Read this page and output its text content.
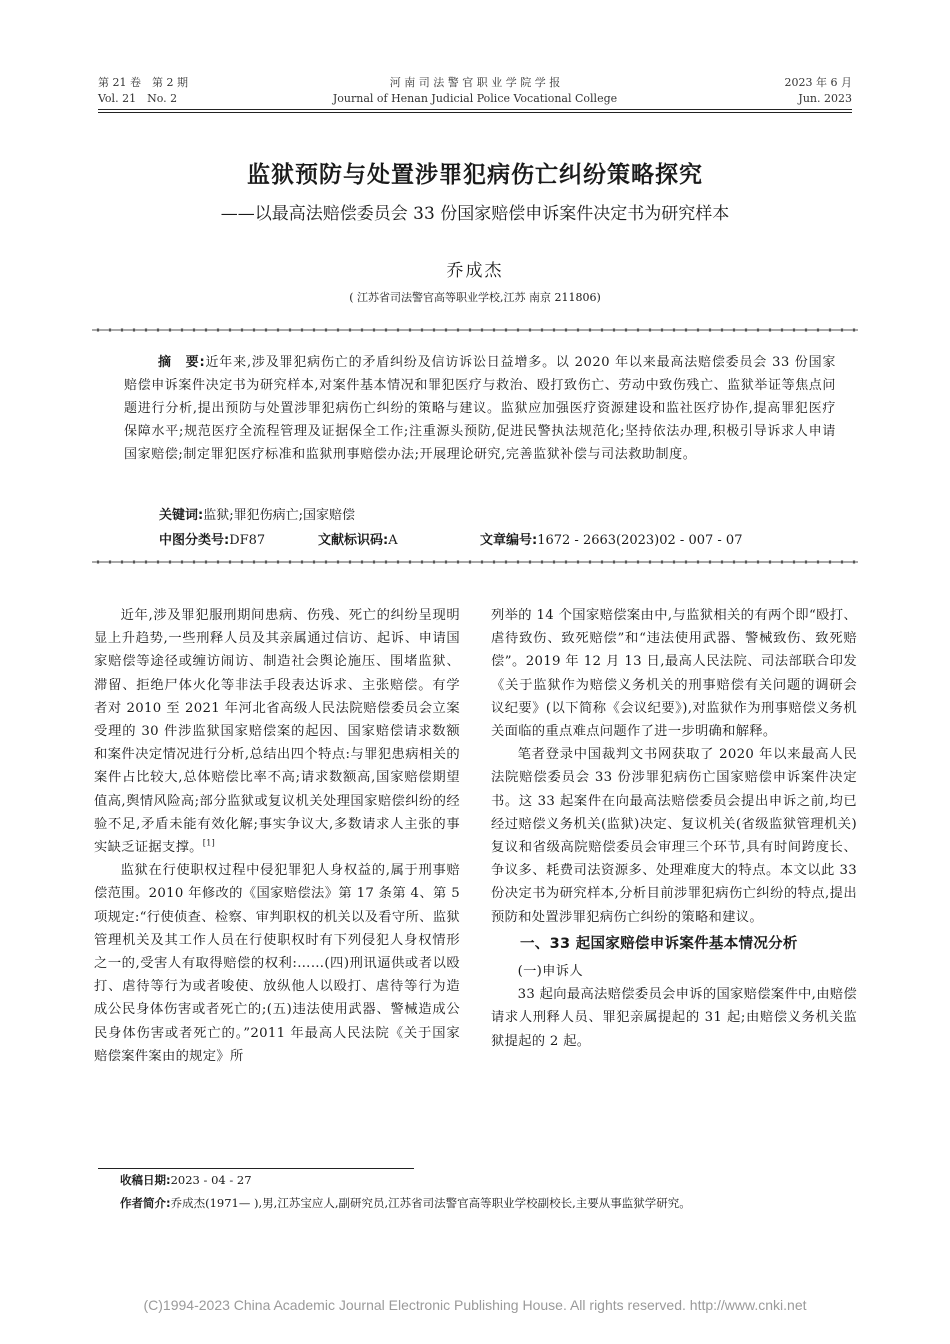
第 21 卷　第 2 期
Vol. 21　No. 2
河 南 司 法 警 官 职 业 学 院 学 报
Journal of Henan Judicial Police Vocational College
2023 年 6 月
Jun. 2023
监狱预防与处置涉罪犯病伤亡纠纷策略探究
——以最高法赔偿委员会 33 份国家赔偿申诉案件决定书为研究样本
乔成杰
( 江苏省司法警官高等职业学校,江苏 南京 211806)
摘　要:近年来,涉及罪犯病伤亡的矛盾纠纷及信访诉讼日益增多。以 2020 年以来最高法赔偿委员会 33 份国家赔偿申诉案件决定书为研究样本,对案件基本情况和罪犯医疗与救治、殴打致伤亡、劳动中致伤残亡、监狱举证等焦点问题进行分析,提出预防与处置涉罪犯病伤亡纠纷的策略与建议。监狱应加强医疗资源建设和监社医疗协作,提高罪犯医疗保障水平;规范医疗全流程管理及证据保全工作;注重源头预防,促进民警执法规范化;坚持依法办理,积极引导诉求人申请国家赔偿;制定罪犯医疗标准和监狱刑事赔偿办法;开展理论研究,完善监狱补偿与司法救助制度。
关键词:监狱;罪犯伤病亡;国家赔偿
中图分类号:DF87	文献标识码:A	文章编号:1672 - 2663(2023)02 - 007 - 07

近年,涉及罪犯服刑期间患病、伤残、死亡的纠纷呈现明显上升趋势,一些刑释人员及其亲属通过信访、起诉、申请国家赔偿等途径或缠访闹访、制造社会舆论施压、围堵监狱、滞留、拒绝尸体火化等非法手段表达诉求、主张赔偿。有学者对 2010 至 2021 年河北省高级人民法院赔偿委员会立案受理的 30 件涉监狱国家赔偿案的起因、国家赔偿请求数额和案件决定情况进行分析,总结出四个特点:与罪犯患病相关的案件占比较大,总体赔偿比率不高;请求数额高,国家赔偿期望值高,舆情风险高;部分监狱或复议机关处理国家赔偿纠纷的经验不足,矛盾未能有效化解;事实争议大,多数请求人主张的事实缺乏证据支撑。[1]

监狱在行使职权过程中侵犯罪犯人身权益的,属于刑事赔偿范围。2010 年修改的《国家赔偿法》第 17 条第 4、第 5 项规定:“行使侦查、检察、审判职权的机关以及看守所、监狱管理机关及其工作人员在行使职权时有下列侵犯人身权情形之一的,受害人有取得赔偿的权利:……(四)刑讯逼供或者以殴打、虐待等行为或者唆使、放纵他人以殴打、虐待等行为造成公民身体伤害或者死亡的;(五)违法使用武器、警械造成公民身体伤害或者死亡的。”2011 年最高人民法院《关于国家赔偿案件案由的规定》所

列举的 14 个国家赔偿案由中,与监狱相关的有两个即“殴打、虐待致伤、致死赔偿”和“违法使用武器、警械致伤、致死赔偿”。2019 年 12 月 13 日,最高人民法院、司法部联合印发《关于监狱作为赔偿义务机关的刑事赔偿有关问题的调研会议纪要》(以下简称《会议纪要》),对监狱作为刑事赔偿义务机关面临的重点难点问题作了进一步明确和解释。

笔者登录中国裁判文书网获取了 2020 年以来最高人民法院赔偿委员会 33 份涉罪犯病伤亡国家赔偿申诉案件决定书。这 33 起案件在向最高法赔偿委员会提出申诉之前,均已经过赔偿义务机关(监狱)决定、复议机关(省级监狱管理机关)复议和省级高院赔偿委员会审理三个环节,具有时间跨度长、争议多、耗费司法资源多、处理难度大的特点。本文以此 33 份决定书为研究样本,分析目前涉罪犯病伤亡纠纷的特点,提出预防和处置涉罪犯病伤亡纠纷的策略和建议。

一、33 起国家赔偿申诉案件基本情况分析

(一)申诉人

33 起向最高法赔偿委员会申诉的国家赔偿案件中,由赔偿请求人刑释人员、罪犯亲属提起的 31 起;由赔偿义务机关监狱提起的 2 起。

收稿日期:2023 - 04 - 27
作者简介:乔成杰(1971— ),男,江苏宝应人,副研究员,江苏省司法警官高等职业学校副校长,主要从事监狱学研究。
(C)1994-2023 China Academic Journal Electronic Publishing House. All rights reserved. http://www.cnki.net
